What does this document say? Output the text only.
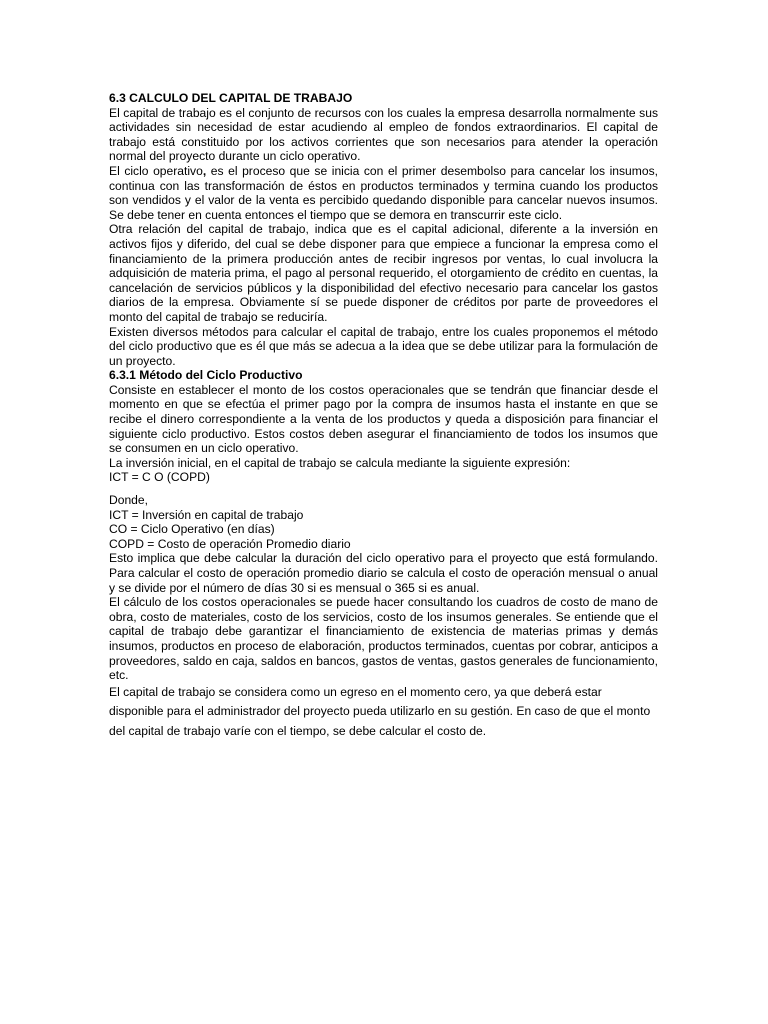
6.3 CALCULO DEL CAPITAL DE TRABAJO

El capital de trabajo es el conjunto de recursos con los cuales la empresa desarrolla normalmente sus actividades sin necesidad de estar acudiendo al empleo de fondos extraordinarios. El capital de trabajo está constituido por los activos corrientes que son necesarios para atender la operación normal del proyecto durante un ciclo operativo.

El ciclo operativo, es el proceso que se inicia con el primer desembolso para cancelar los insumos, continua con las transformación de éstos en productos terminados y termina cuando los productos son vendidos y el valor de la venta es percibido quedando disponible para cancelar nuevos insumos. Se debe tener en cuenta entonces el tiempo que se demora en transcurrir este ciclo.

Otra relación del capital de trabajo, indica que es el capital adicional, diferente a la inversión en activos fijos y diferido, del cual se debe disponer para que empiece a funcionar la empresa como el financiamiento de la primera producción antes de recibir ingresos por ventas, lo cual involucra la adquisición de materia prima, el pago al personal requerido, el otorgamiento de crédito en cuentas, la cancelación de servicios públicos y la disponibilidad del efectivo necesario para cancelar los gastos diarios de la empresa. Obviamente sí se puede disponer de créditos por parte de proveedores el monto del capital de trabajo se reduciría.

Existen diversos métodos para calcular el capital de trabajo, entre los cuales proponemos el método del ciclo productivo que es él que más se adecua a la idea que se debe utilizar para la formulación de un proyecto.

6.3.1 Método del Ciclo Productivo

Consiste en establecer el monto de los costos operacionales que se tendrán que financiar desde el momento en que se efectúa el primer pago por la compra de insumos hasta el instante en que se recibe el dinero correspondiente a la venta de los productos y queda a disposición para financiar el siguiente ciclo productivo. Estos costos deben asegurar el financiamiento de todos los insumos que se consumen en un ciclo operativo.

La inversión inicial, en el capital de trabajo se calcula mediante la siguiente expresión:

ICT = C O (COPD)

Donde,

ICT = Inversión en capital de trabajo

CO = Ciclo Operativo (en días)

COPD = Costo de operación Promedio diario

Esto implica que debe calcular la duración del ciclo operativo para el proyecto que está formulando. Para calcular el costo de operación promedio diario se calcula el costo de operación mensual o anual y se divide por el número de días 30 si es mensual o 365 si es anual.

El cálculo de los costos operacionales se puede hacer consultando los cuadros de costo de mano de obra, costo de materiales, costo de los servicios, costo de los insumos generales. Se entiende que el capital de trabajo debe garantizar el financiamiento de existencia de materias primas y demás insumos, productos en proceso de elaboración, productos terminados, cuentas por cobrar, anticipos a proveedores, saldo en caja, saldos en bancos, gastos de ventas, gastos generales de funcionamiento, etc.

El capital de trabajo se considera como un egreso en el momento cero, ya que deberá estar disponible para el administrador del proyecto pueda utilizarlo en su gestión. En caso de que el monto del capital de trabajo varíe con el tiempo, se debe calcular el costo de.
